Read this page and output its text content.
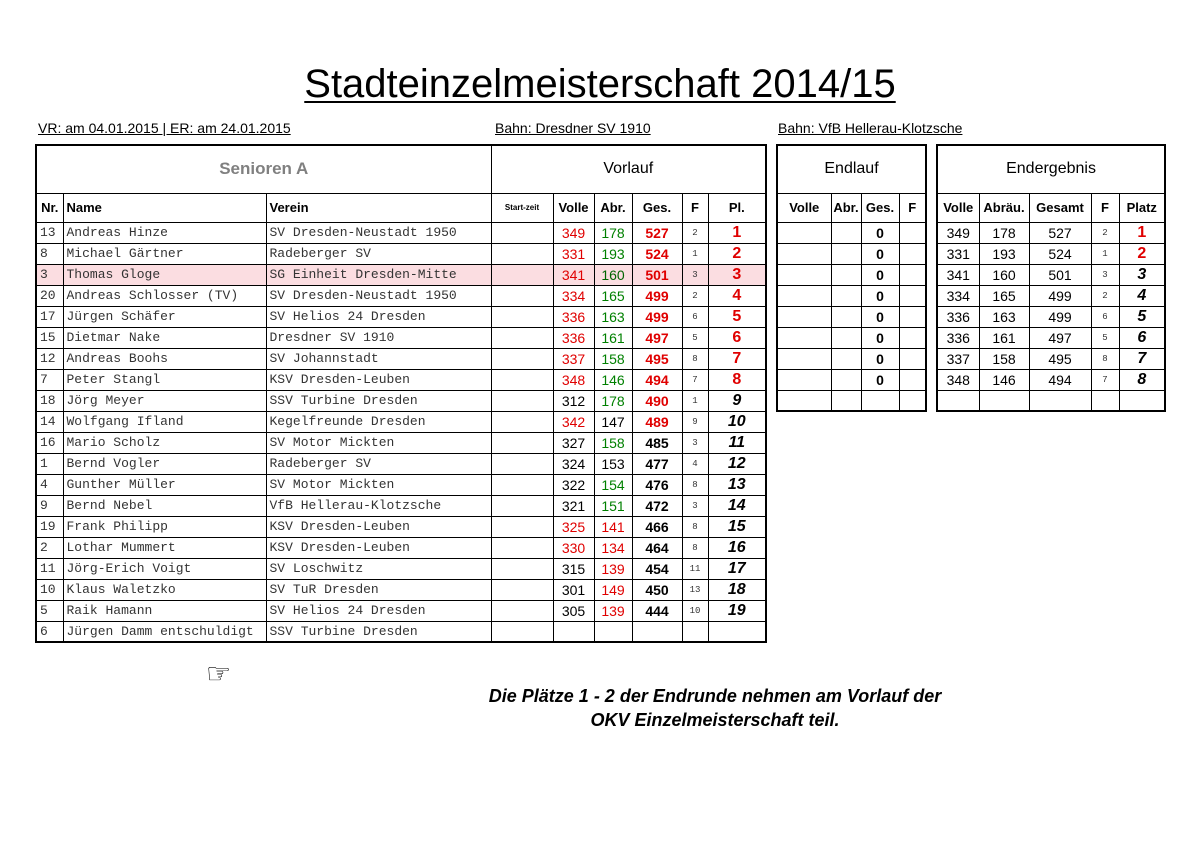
Stadteinzelmeisterschaft 2014/15
VR: am 04.01.2015 | ER: am 24.01.2015	Bahn: Dresdner SV 1910	Bahn: VfB Hellerau-Klotzsche
Senioren A			Vorlauf					
Nr.	Name	Verein	Start-zeit	Volle	Abr.	Ges.	F	Pl.
13	Andreas Hinze	SV Dresden-Neustadt 1950		349	178	527	2	1
8	Michael Gärtner	Radeberger SV		331	193	524	1	2
3	Thomas Gloge	SG Einheit Dresden-Mitte		341	160	501	3	3
20	Andreas Schlosser (TV)	SV Dresden-Neustadt 1950		334	165	499	2	4
17	Jürgen Schäfer	SV Helios 24 Dresden		336	163	499	6	5
15	Dietmar Nake	Dresdner SV 1910		336	161	497	5	6
12	Andreas Boohs	SV Johannstadt		337	158	495	8	7
7	Peter Stangl	KSV Dresden-Leuben		348	146	494	7	8
18	Jörg Meyer	SSV Turbine Dresden		312	178	490	1	9
14	Wolfgang Ifland	Kegelfreunde Dresden		342	147	489	9	10
16	Mario Scholz	SV Motor Mickten		327	158	485	3	11
1	Bernd Vogler	Radeberger SV		324	153	477	4	12
4	Gunther Müller	SV Motor Mickten		322	154	476	8	13
9	Bernd Nebel	VfB Hellerau-Klotzsche		321	151	472	3	14
19	Frank Philipp	KSV Dresden-Leuben		325	141	466	8	15
2	Lothar Mummert	KSV Dresden-Leuben		330	134	464	8	16
11	Jörg-Erich Voigt	SV Loschwitz		315	139	454	11	17
10	Klaus Waletzko	SV TuR Dresden		301	149	450	13	18
5	Raik Hamann	SV Helios 24 Dresden		305	139	444	10	19
6	Jürgen Damm entschuldigt	SSV Turbine Dresden						
Endlauf			
Volle	Abr.	Ges.	F
		0	
		0	
		0	
		0	
		0	
		0	
		0	
		0	

Endergebnis				
Volle	Abräu.	Gesamt	F	Platz
349	178	527	2	1
331	193	524	1	2
341	160	501	3	3
334	165	499	2	4
336	163	499	6	5
336	161	497	5	6
337	158	495	8	7
348	146	494	7	8

☞
Die Plätze 1 - 2 der Endrunde nehmen am Vorlauf der
OKV Einzelmeisterschaft teil.
